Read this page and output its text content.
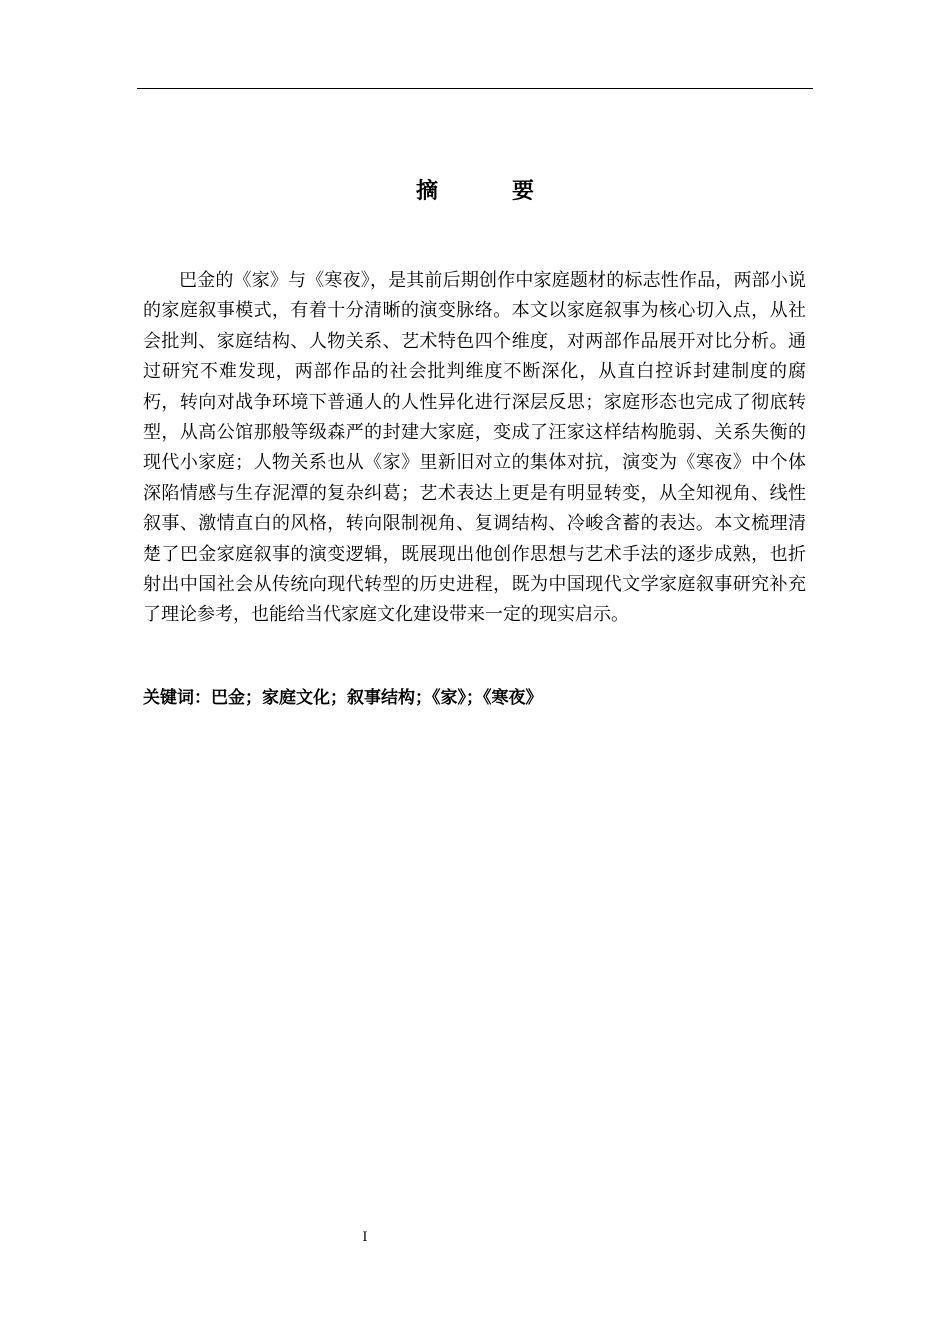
摘　要

巴金的《家》与《寒夜》，是其前后期创作中家庭题材的标志性作品，两部小说的家庭叙事模式，有着十分清晰的演变脉络。本文以家庭叙事为核心切入点，从社会批判、家庭结构、人物关系、艺术特色四个维度，对两部作品展开对比分析。通过研究不难发现，两部作品的社会批判维度不断深化，从直白控诉封建制度的腐朽，转向对战争环境下普通人的人性异化进行深层反思；家庭形态也完成了彻底转型，从高公馆那般等级森严的封建大家庭，变成了汪家这样结构脆弱、关系失衡的现代小家庭；人物关系也从《家》里新旧对立的集体对抗，演变为《寒夜》中个体深陷情感与生存泥潭的复杂纠葛；艺术表达上更是有明显转变，从全知视角、线性叙事、激情直白的风格，转向限制视角、复调结构、冷峻含蓄的表达。本文梳理清楚了巴金家庭叙事的演变逻辑，既展现出他创作思想与艺术手法的逐步成熟，也折射出中国社会从传统向现代转型的历史进程，既为中国现代文学家庭叙事研究补充了理论参考，也能给当代家庭文化建设带来一定的现实启示。

关键词：巴金；家庭文化；叙事结构；《家》；《寒夜》

I
